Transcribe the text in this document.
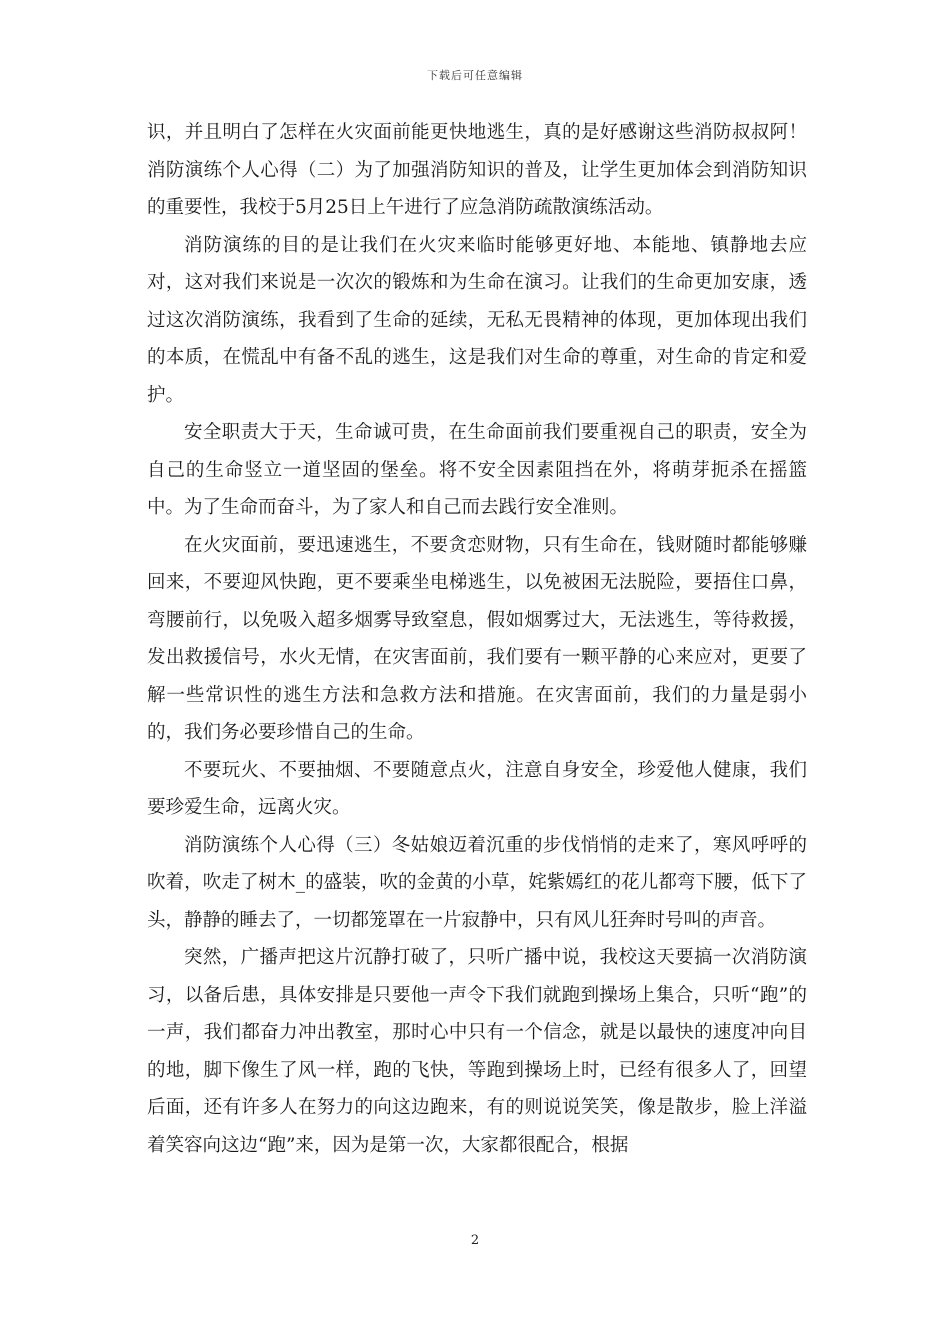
下载后可任意编辑

识，并且明白了怎样在火灾面前能更快地逃生，真的是好感谢这些消防叔叔阿！消防演练个人心得（二）为了加强消防知识的普及，让学生更加体会到消防知识的重要性，我校于5月25日上午进行了应急消防疏散演练活动。

消防演练的目的是让我们在火灾来临时能够更好地、本能地、镇静地去应对，这对我们来说是一次次的锻炼和为生命在演习。让我们的生命更加安康，透过这次消防演练，我看到了生命的延续，无私无畏精神的体现，更加体现出我们的本质，在慌乱中有备不乱的逃生，这是我们对生命的尊重，对生命的肯定和爱护。

安全职责大于天，生命诚可贵，在生命面前我们要重视自己的职责，安全为自己的生命竖立一道坚固的堡垒。将不安全因素阻挡在外，将萌芽扼杀在摇篮中。为了生命而奋斗，为了家人和自己而去践行安全准则。

在火灾面前，要迅速逃生，不要贪恋财物，只有生命在，钱财随时都能够赚回来，不要迎风快跑，更不要乘坐电梯逃生，以免被困无法脱险，要捂住口鼻，弯腰前行，以免吸入超多烟雾导致窒息，假如烟雾过大，无法逃生，等待救援，发出救援信号，水火无情，在灾害面前，我们要有一颗平静的心来应对，更要了解一些常识性的逃生方法和急救方法和措施。在灾害面前，我们的力量是弱小的，我们务必要珍惜自己的生命。

不要玩火、不要抽烟、不要随意点火，注意自身安全，珍爱他人健康，我们要珍爱生命，远离火灾。

消防演练个人心得（三）冬姑娘迈着沉重的步伐悄悄的走来了，寒风呼呼的吹着，吹走了树木_的盛装，吹的金黄的小草，姹紫嫣红的花儿都弯下腰，低下了头，静静的睡去了，一切都笼罩在一片寂静中，只有风儿狂奔时号叫的声音。

突然，广播声把这片沉静打破了，只听广播中说，我校这天要搞一次消防演习，以备后患，具体安排是只要他一声令下我们就跑到操场上集合，只听“跑”的一声，我们都奋力冲出教室，那时心中只有一个信念，就是以最快的速度冲向目的地，脚下像生了风一样，跑的飞快，等跑到操场上时，已经有很多人了，回望后面，还有许多人在努力的向这边跑来，有的则说说笑笑，像是散步，脸上洋溢着笑容向这边“跑”来，因为是第一次，大家都很配合，根据

2
